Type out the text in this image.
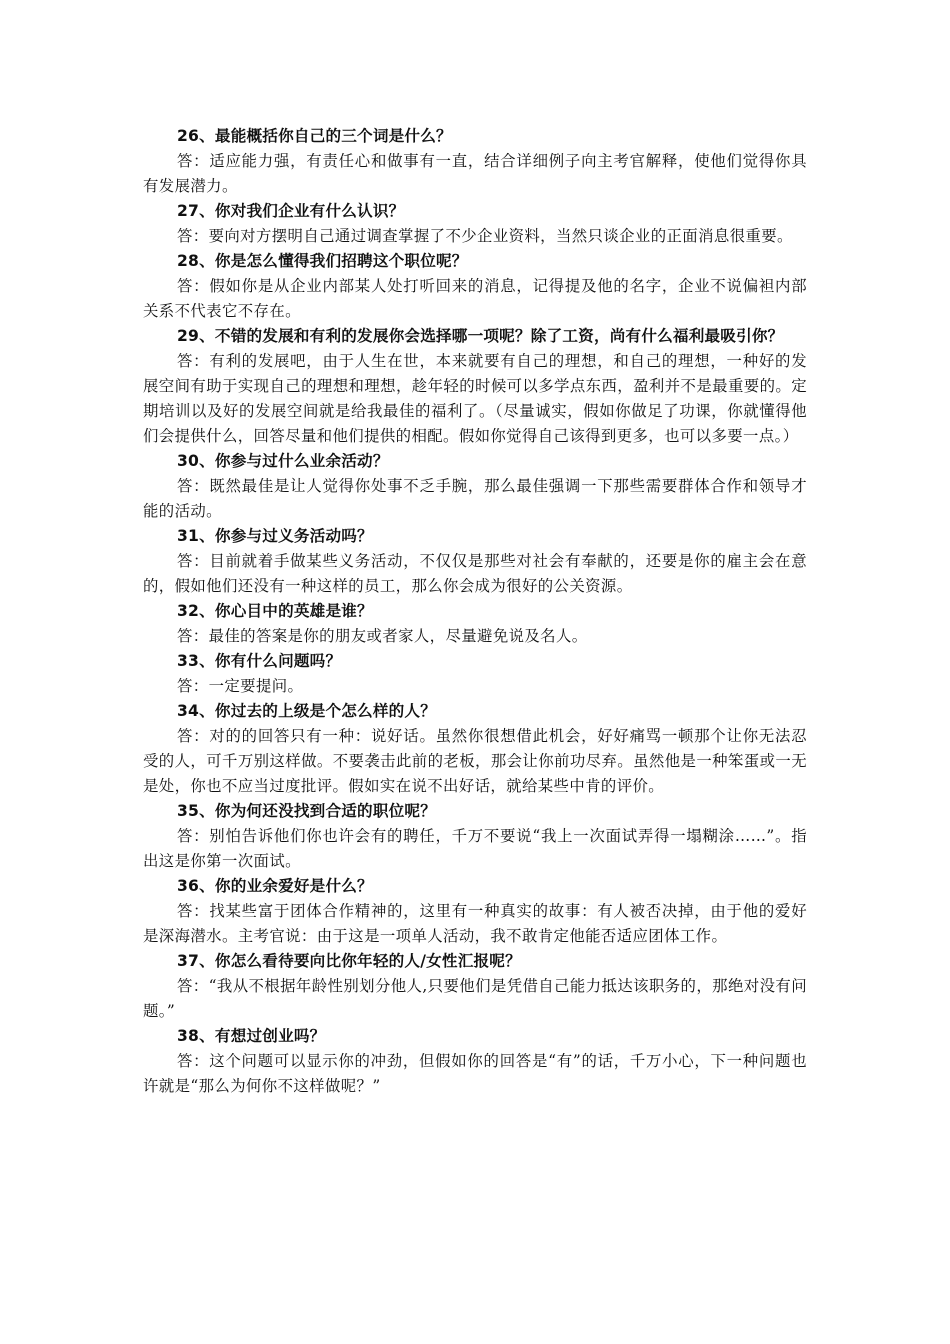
26、最能概括你自己的三个词是什么？

答：适应能力强，有责任心和做事有一直，结合详细例子向主考官解释，使他们觉得你具有发展潜力。

27、你对我们企业有什么认识？

答：要向对方摆明自己通过调查掌握了不少企业资料，当然只谈企业的正面消息很重要。

28、你是怎么懂得我们招聘这个职位呢？

答：假如你是从企业内部某人处打听回来的消息，记得提及他的名字，企业不说偏袒内部关系不代表它不存在。

29、不错的发展和有利的发展你会选择哪一项呢？除了工资，尚有什么福利最吸引你？

答：有利的发展吧，由于人生在世，本来就要有自己的理想，和自己的理想，一种好的发展空间有助于实现自己的理想和理想，趁年轻的时候可以多学点东西，盈利并不是最重要的。定期培训以及好的发展空间就是给我最佳的福利了。（尽量诚实，假如你做足了功课，你就懂得他们会提供什么，回答尽量和他们提供的相配。假如你觉得自己该得到更多，也可以多要一点。）

30、你参与过什么业余活动？

答：既然最佳是让人觉得你处事不乏手腕，那么最佳强调一下那些需要群体合作和领导才能的活动。

31、你参与过义务活动吗？

答：目前就着手做某些义务活动，不仅仅是那些对社会有奉献的，还要是你的雇主会在意的，假如他们还没有一种这样的员工，那么你会成为很好的公关资源。

32、你心目中的英雄是谁？

答：最佳的答案是你的朋友或者家人，尽量避免说及名人。

33、你有什么问题吗？

答：一定要提问。

34、你过去的上级是个怎么样的人？

答：对的的回答只有一种：说好话。虽然你很想借此机会，好好痛骂一顿那个让你无法忍受的人，可千万别这样做。不要袭击此前的老板，那会让你前功尽弃。虽然他是一种笨蛋或一无是处，你也不应当过度批评。假如实在说不出好话，就给某些中肯的评价。

35、你为何还没找到合适的职位呢？

答：别怕告诉他们你也许会有的聘任，千万不要说“我上一次面试弄得一塌糊涂……”。指出这是你第一次面试。

36、你的业余爱好是什么？

答：找某些富于团体合作精神的，这里有一种真实的故事：有人被否决掉，由于他的爱好是深海潜水。主考官说：由于这是一项单人活动，我不敢肯定他能否适应团体工作。

37、你怎么看待要向比你年轻的人/女性汇报呢？

答：“我从不根据年龄性别划分他人,只要他们是凭借自己能力抵达该职务的，那绝对没有问题。”

38、有想过创业吗？

答：这个问题可以显示你的冲劲，但假如你的回答是“有”的话，千万小心，下一种问题也许就是“那么为何你不这样做呢？”
